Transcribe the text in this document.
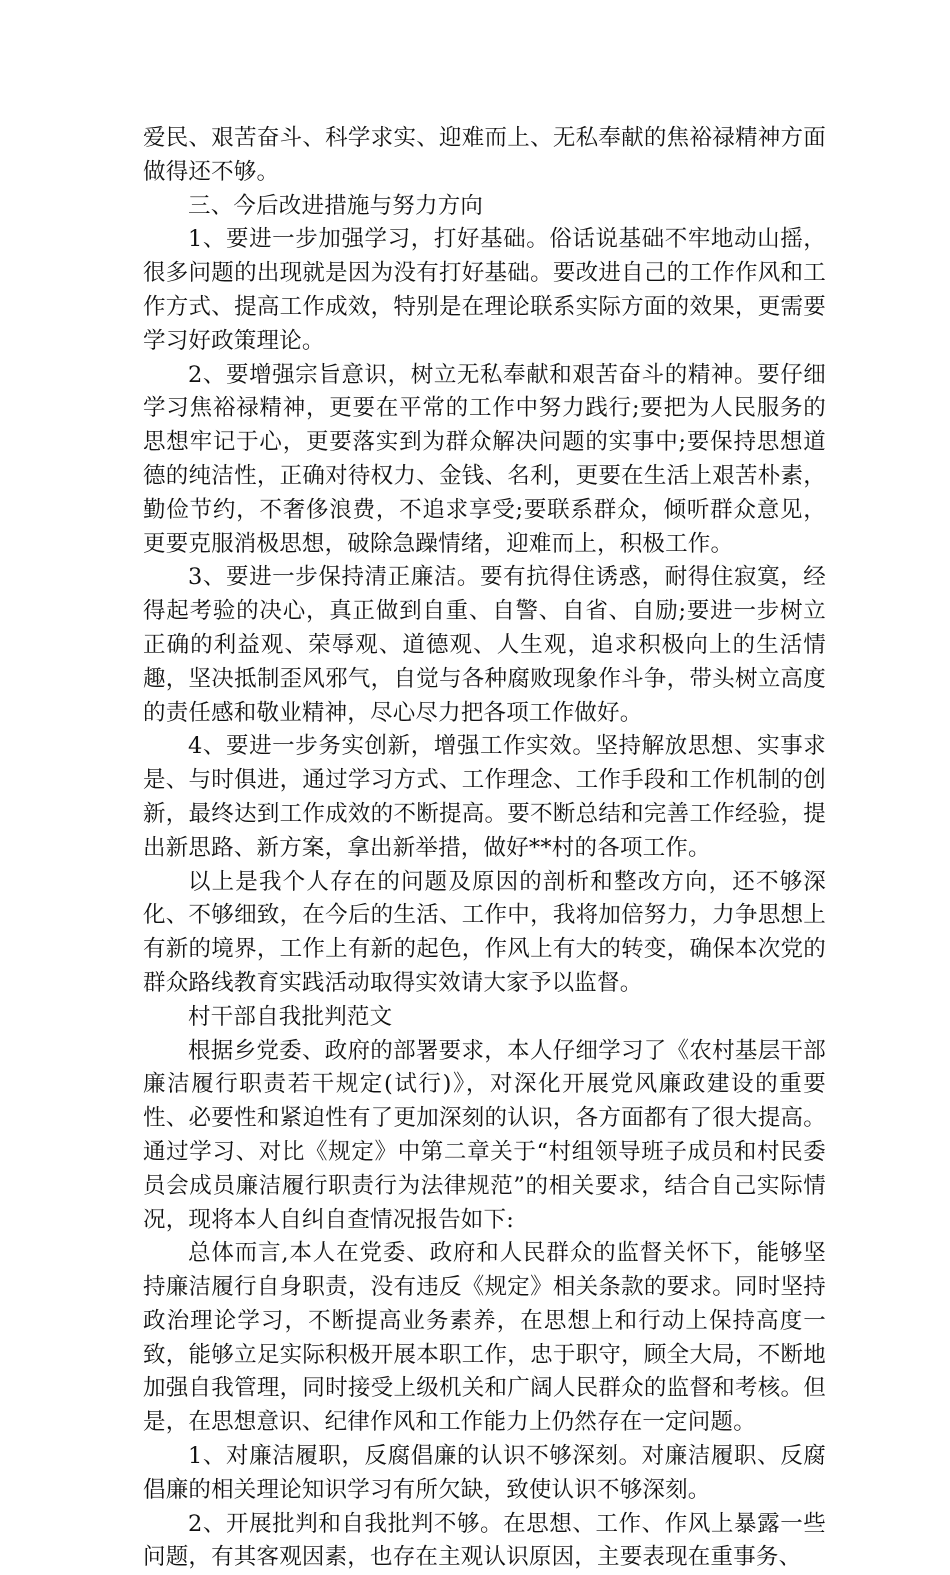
爱民、艰苦奋斗、科学求实、迎难而上、无私奉献的焦裕禄精神方面做得还不够。

三、今后改进措施与努力方向

1、要进一步加强学习，打好基础。俗话说基础不牢地动山摇，很多问题的出现就是因为没有打好基础。要改进自己的工作作风和工作方式、提高工作成效，特别是在理论联系实际方面的效果，更需要学习好政策理论。

2、要增强宗旨意识，树立无私奉献和艰苦奋斗的精神。要仔细学习焦裕禄精神，更要在平常的工作中努力践行;要把为人民服务的思想牢记于心，更要落实到为群众解决问题的实事中;要保持思想道德的纯洁性，正确对待权力、金钱、名利，更要在生活上艰苦朴素，勤俭节约，不奢侈浪费，不追求享受;要联系群众，倾听群众意见，更要克服消极思想，破除急躁情绪，迎难而上，积极工作。

3、要进一步保持清正廉洁。要有抗得住诱惑，耐得住寂寞，经得起考验的决心，真正做到自重、自警、自省、自励;要进一步树立正确的利益观、荣辱观、道德观、人生观，追求积极向上的生活情趣，坚决抵制歪风邪气，自觉与各种腐败现象作斗争，带头树立高度的责任感和敬业精神，尽心尽力把各项工作做好。

4、要进一步务实创新，增强工作实效。坚持解放思想、实事求是、与时俱进，通过学习方式、工作理念、工作手段和工作机制的创新，最终达到工作成效的不断提高。要不断总结和完善工作经验，提出新思路、新方案，拿出新举措，做好**村的各项工作。

以上是我个人存在的问题及原因的剖析和整改方向，还不够深化、不够细致，在今后的生活、工作中，我将加倍努力，力争思想上有新的境界，工作上有新的起色，作风上有大的转变，确保本次党的群众路线教育实践活动取得实效请大家予以监督。

村干部自我批判范文

根据乡党委、政府的部署要求，本人仔细学习了《农村基层干部廉洁履行职责若干规定(试行)》，对深化开展党风廉政建设的重要性、必要性和紧迫性有了更加深刻的认识，各方面都有了很大提高。通过学习、对比《规定》中第二章关于“村组领导班子成员和村民委员会成员廉洁履行职责行为法律规范”的相关要求，结合自己实际情况，现将本人自纠自查情况报告如下:

总体而言,本人在党委、政府和人民群众的监督关怀下，能够坚持廉洁履行自身职责，没有违反《规定》相关条款的要求。同时坚持政治理论学习，不断提高业务素养，在思想上和行动上保持高度一致，能够立足实际积极开展本职工作，忠于职守，顾全大局，不断地加强自我管理，同时接受上级机关和广阔人民群众的监督和考核。但是，在思想意识、纪律作风和工作能力上仍然存在一定问题。

1、对廉洁履职，反腐倡廉的认识不够深刻。对廉洁履职、反腐倡廉的相关理论知识学习有所欠缺，致使认识不够深刻。

2、开展批判和自我批判不够。在思想、工作、作风上暴露一些问题，有其客观因素，也存在主观认识原因，主要表现在重事务、
